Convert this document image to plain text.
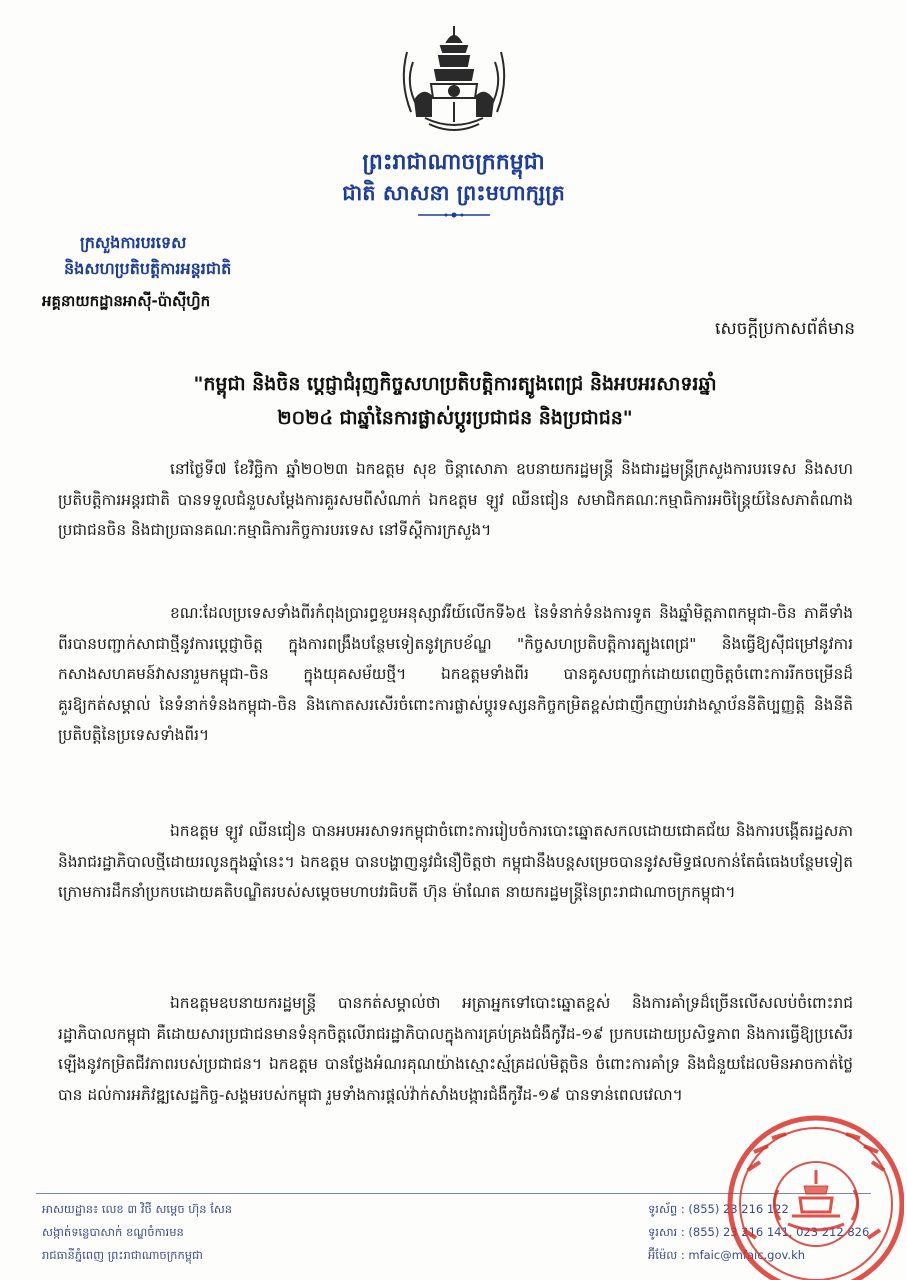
ព្រះរាជាណាចក្រកម្ពុជា
ជាតិ សាសនា ព្រះមហាក្សត្រ
ក្រសួងការបរទេស
និងសហប្រតិបត្តិការអន្តរជាតិ
អគ្គនាយកដ្ឋានអាស៊ី-ប៉ាស៊ីហ្វិក
សេចក្ដីប្រកាសព័ត៌មាន
"កម្ពុជា និងចិន ប្តេជ្ញាជំរុញកិច្ចសហប្រតិបត្តិការត្បូងពេជ្រ និងអបអរសាទរឆ្នាំ
២០២៤ ជាឆ្នាំនៃការផ្លាស់ប្តូរប្រជាជន និងប្រជាជន"

នៅថ្ងៃទី៧ ខែវិច្ឆិកា ឆ្នាំ២០២៣ ឯកឧត្តម សុខ ចិន្ដាសោភា ឧបនាយករដ្ឋមន្ត្រី និងជារដ្ឋមន្ត្រីក្រសួងការបរទេស និងសហប្រតិបត្តិការអន្តរជាតិ បានទទួលជំនួបសម្តែងការគួរសមពីសំណាក់ ឯកឧត្តម ឡូវ ឈីនជៀន សមាជិកគណៈកម្មាធិការអចិន្ត្រៃយ៍នៃសភាតំណាងប្រជាជនចិន និងជាប្រធានគណៈកម្មាធិការកិច្ចការបរទេស នៅទីស្តីការក្រសួង។

ខណៈដែលប្រទេសទាំងពីរកំពុងប្រារព្ធខួបអនុស្សាវរីយ៍លើកទី៦៥ នៃទំនាក់ទំនងការទូត និងឆ្នាំមិត្តភាពកម្ពុជា-ចិន ភាគីទាំងពីរបានបញ្ជាក់សាជាថ្មីនូវការប្តេជ្ញាចិត្ត ក្នុងការពង្រឹងបន្ថែមទៀតនូវក្របខ័ណ្ឌ "កិច្ចសហប្រតិបត្តិការត្បូងពេជ្រ" និងធ្វើឱ្យស៊ីជម្រៅនូវការកសាងសហគមន៍វាសនារួមកម្ពុជា-ចិន ក្នុងយុគសម័យថ្មី។ ឯកឧត្តមទាំងពីរ បានគូសបញ្ជាក់ដោយពេញចិត្តចំពោះការរីកចម្រើនដ៏គួរឱ្យកត់សម្គាល់ នៃទំនាក់ទំនងកម្ពុជា-ចិន និងកោតសរសើរចំពោះការផ្លាស់ប្តូរទស្សនកិច្ចកម្រិតខ្ពស់ជាញឹកញាប់រវាងស្ថាប័ននីតិប្បញ្ញត្តិ និងនីតិប្រតិបត្តិនៃប្រទេសទាំងពីរ។

ឯកឧត្តម ឡូវ ឈីនជៀន បានអបអរសាទរកម្ពុជាចំពោះការរៀបចំការបោះឆ្នោតសកលដោយជោគជ័យ និងការបង្កើតរដ្ឋសភា និងរាជរដ្ឋាភិបាលថ្មីដោយរលូនក្នុងឆ្នាំនេះ។ ឯកឧត្តម បានបង្ហាញនូវជំនឿចិត្តថា កម្ពុជានឹងបន្តសម្រេចបាននូវសមិទ្ធផលកាន់តែធំធេងបន្ថែមទៀត ក្រោមការដឹកនាំប្រកបដោយគតិបណ្ឌិតរបស់សម្តេចមហាបវរធិបតី ហ៊ុន ម៉ាណែត នាយករដ្ឋមន្ត្រីនៃព្រះរាជាណាចក្រកម្ពុជា។

ឯកឧត្តមឧបនាយករដ្ឋមន្ត្រី បានកត់សម្គាល់ថា អត្រាអ្នកទៅបោះឆ្នោតខ្ពស់ និងការគាំទ្រដ៏ច្រើនលើសលប់ចំពោះរាជរដ្ឋាភិបាលកម្ពុជា គឺដោយសារប្រជាជនមានទំនុកចិត្តលើរាជរដ្ឋាភិបាលក្នុងការគ្រប់គ្រងជំងឺកូវីដ-១៩ ប្រកបដោយប្រសិទ្ធភាព និងការធ្វើឱ្យប្រសើរឡើងនូវកម្រិតជីវភាពរបស់ប្រជាជន។ ឯកឧត្តម បានថ្លែងអំណរគុណយ៉ាងស្មោះស្ម័គ្រដល់មិត្តចិន ចំពោះការគាំទ្រ និងជំនួយដែលមិនអាចកាត់ថ្លៃបាន ដល់ការអភិវឌ្ឍសេដ្ឋកិច្ច-សង្គមរបស់កម្ពុជា រួមទាំងការផ្តល់វ៉ាក់សាំងបង្ការជំងឺកូវីដ-១៩ បានទាន់ពេលវេលា។

អាសយដ្ឋាន៖ លេខ ៣ វិថី សម្តេច ហ៊ុន សែន
សង្កាត់ទន្លេបាសាក់ ខណ្ឌចំការមន
រាជធានីភ្នំពេញ ព្រះរាជាណាចក្រកម្ពុជា
ទូរស័ព្ទ : (855) 23 216 122
ទូរសារ : (855) 23 216 141, 023 212 826
អ៊ីម៉ែល : mfaic@mfaic.gov.kh
